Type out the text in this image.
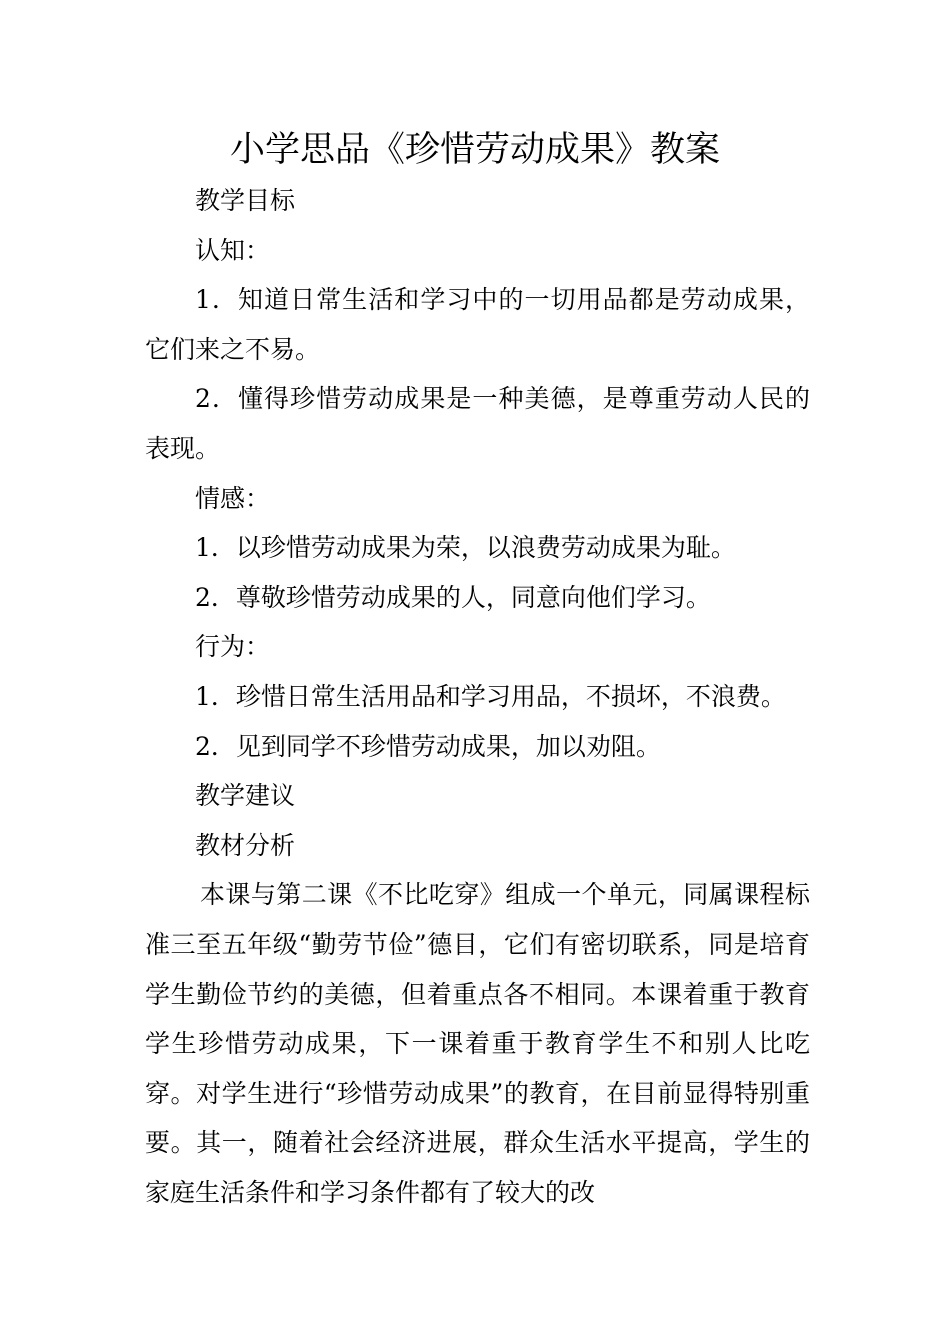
小学思品《珍惜劳动成果》教案

教学目标

认知：

1．知道日常生活和学习中的一切用品都是劳动成果，它们来之不易。

2．懂得珍惜劳动成果是一种美德，是尊重劳动人民的表现。

情感：

1．以珍惜劳动成果为荣，以浪费劳动成果为耻。

2．尊敬珍惜劳动成果的人，同意向他们学习。

行为：

1．珍惜日常生活用品和学习用品，不损坏，不浪费。

2．见到同学不珍惜劳动成果，加以劝阻。

教学建议

教材分析

本课与第二课《不比吃穿》组成一个单元，同属课程标准三至五年级“勤劳节俭”德目，它们有密切联系，同是培育学生勤俭节约的美德，但着重点各不相同。本课着重于教育学生珍惜劳动成果，下一课着重于教育学生不和别人比吃穿。对学生进行“珍惜劳动成果”的教育，在目前显得特别重要。其一，随着社会经济进展，群众生活水平提高，学生的家庭生活条件和学习条件都有了较大的改
